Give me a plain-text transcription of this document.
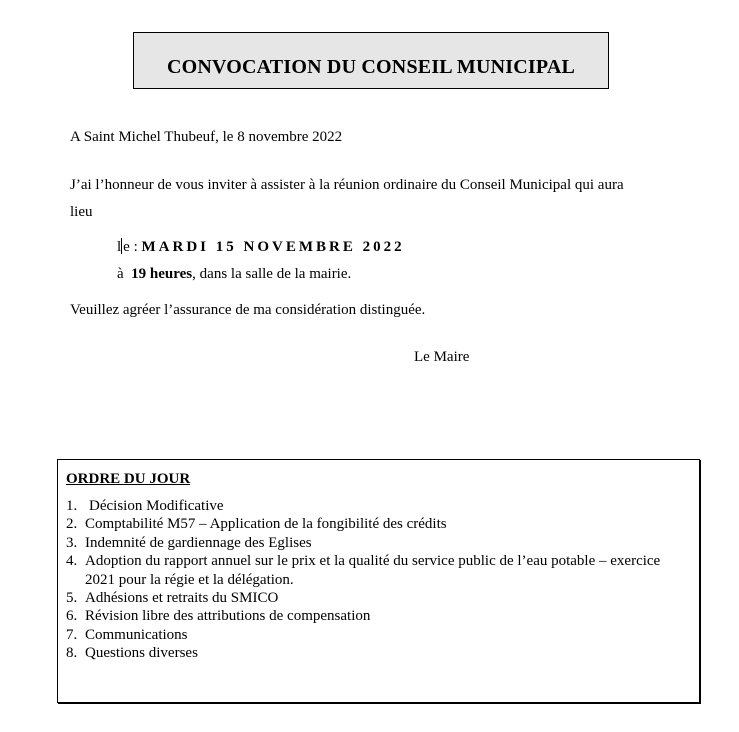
CONVOCATION DU CONSEIL MUNICIPAL
A Saint Michel Thubeuf, le 8 novembre 2022
J’ai l’honneur de vous inviter à assister à la réunion ordinaire du Conseil Municipal qui aura
lieu
l e : MARDI 15 NOVEMBRE 2022
à 19 heures, dans la salle de la mairie.
Veuillez agréer l’assurance de ma considération distinguée.
Le Maire
ORDRE DU JOUR
1. Décision Modificative
2. Comptabilité M57 – Application de la fongibilité des crédits
3. Indemnité de gardiennage des Eglises
4. Adoption du rapport annuel sur le prix et la qualité du service public de l’eau potable – exercice 2021 pour la régie et la délégation.
5. Adhésions et retraits du SMICO
6. Révision libre des attributions de compensation
7. Communications
8. Questions diverses
